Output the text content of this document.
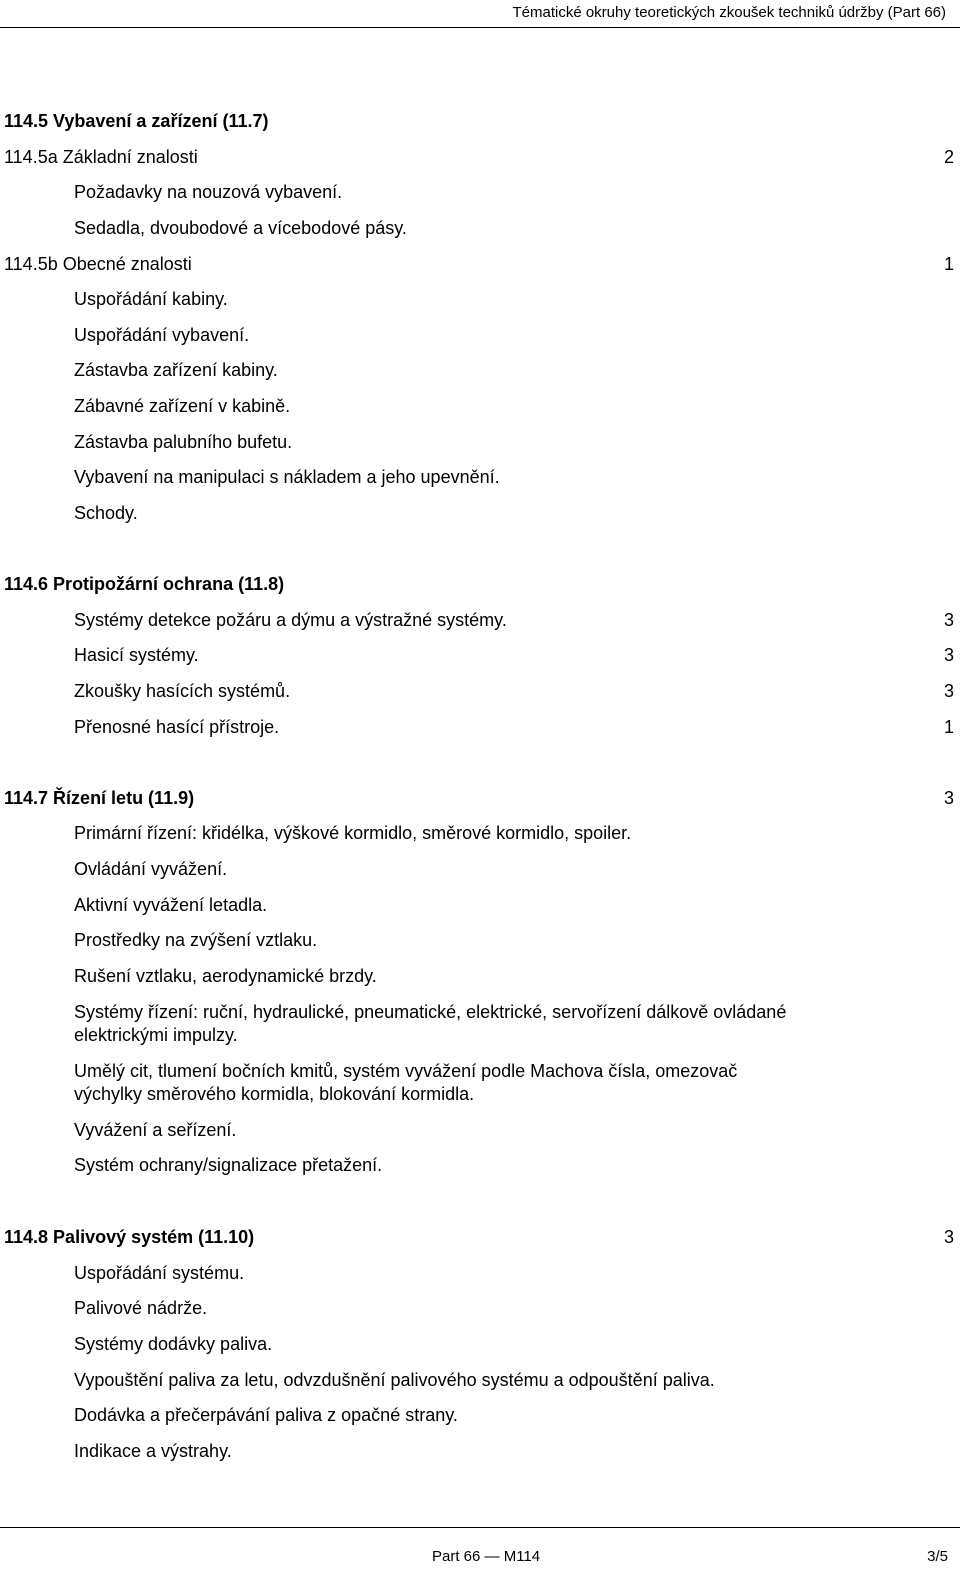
Tématické okruhy teoretických zkoušek techniků údržby (Part 66)
114.5 Vybavení a zařízení (11.7)
114.5a Základní znalosti	2
Požadavky na nouzová vybavení.
Sedadla, dvoubodové a vícebodové pásy.
114.5b Obecné znalosti	1
Uspořádání kabiny.
Uspořádání vybavení.
Zástavba zařízení kabiny.
Zábavné zařízení v kabině.
Zástavba palubního bufetu.
Vybavení na manipulaci s nákladem a jeho upevnění.
Schody.
114.6 Protipožární ochrana (11.8)
Systémy detekce požáru a dýmu a výstražné systémy.	3
Hasicí systémy.	3
Zkoušky hasících systémů.	3
Přenosné hasící přístroje.	1
114.7 Řízení letu (11.9)	3
Primární řízení: křidélka, výškové kormidlo, směrové kormidlo, spoiler.
Ovládání vyvážení.
Aktivní vyvážení letadla.
Prostředky na zvýšení vztlaku.
Rušení vztlaku, aerodynamické brzdy.
Systémy řízení: ruční, hydraulické, pneumatické, elektrické, servořízení dálkově ovládané
elektrickými impulzy.
Umělý cit, tlumení bočních kmitů, systém vyvážení podle Machova čísla, omezovač
výchylky směrového kormidla, blokování kormidla.
Vyvážení a seřízení.
Systém ochrany/signalizace přetažení.
114.8 Palivový systém (11.10)	3
Uspořádání systému.
Palivové nádrže.
Systémy dodávky paliva.
Vypouštění paliva za letu, odvzdušnění palivového systému a odpouštění paliva.
Dodávka a přečerpávání paliva z opačné strany.
Indikace a výstrahy.
Part 66 — M114	3/5
